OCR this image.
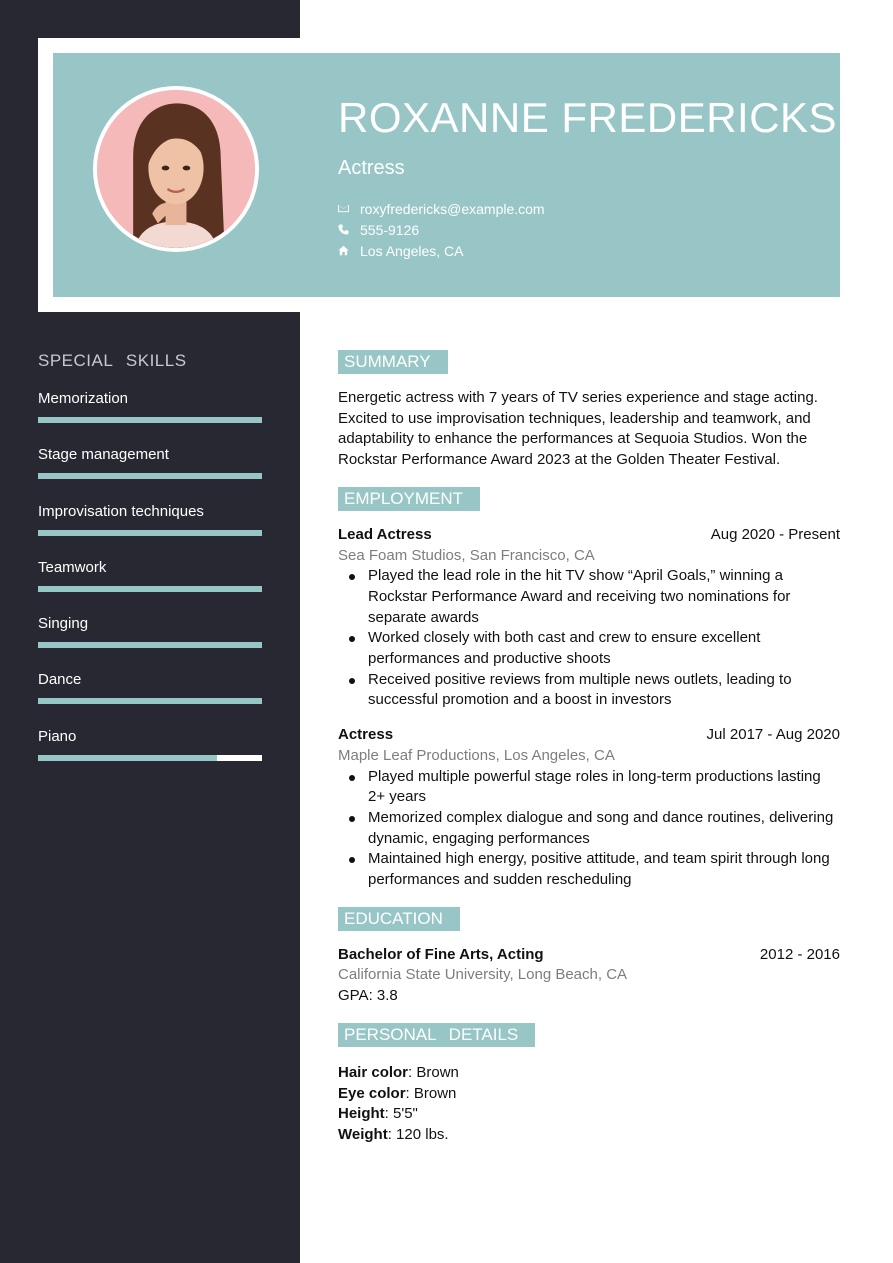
ROXANNE FREDERICKS
Actress
roxyfredericks@example.com
555-9126
Los Angeles, CA
SPECIAL SKILLS
Memorization
Stage management
Improvisation techniques
Teamwork
Singing
Dance
Piano
SUMMARY

Energetic actress with 7 years of TV series experience and stage acting. Excited to use improvisation techniques, leadership and teamwork, and adaptability to enhance the performances at Sequoia Studios. Won the Rockstar Performance Award 2023 at the Golden Theater Festival.

EMPLOYMENT
Lead Actress	Aug 2020 - Present
Sea Foam Studios, San Francisco, CA
Played the lead role in the hit TV show “April Goals,” winning a Rockstar Performance Award and receiving two nominations for separate awards
Worked closely with both cast and crew to ensure excellent performances and productive shoots
Received positive reviews from multiple news outlets, leading to successful promotion and a boost in investors
Actress	Jul 2017 - Aug 2020
Maple Leaf Productions, Los Angeles, CA
Played multiple powerful stage roles in long-term productions lasting 2+ years
Memorized complex dialogue and song and dance routines, delivering dynamic, engaging performances
Maintained high energy, positive attitude, and team spirit through long performances and sudden rescheduling
EDUCATION
Bachelor of Fine Arts, Acting	2012 - 2016
California State University, Long Beach, CA
GPA: 3.8
PERSONAL DETAILS
Hair color: Brown
Eye color: Brown
Height: 5'5"
Weight: 120 lbs.
